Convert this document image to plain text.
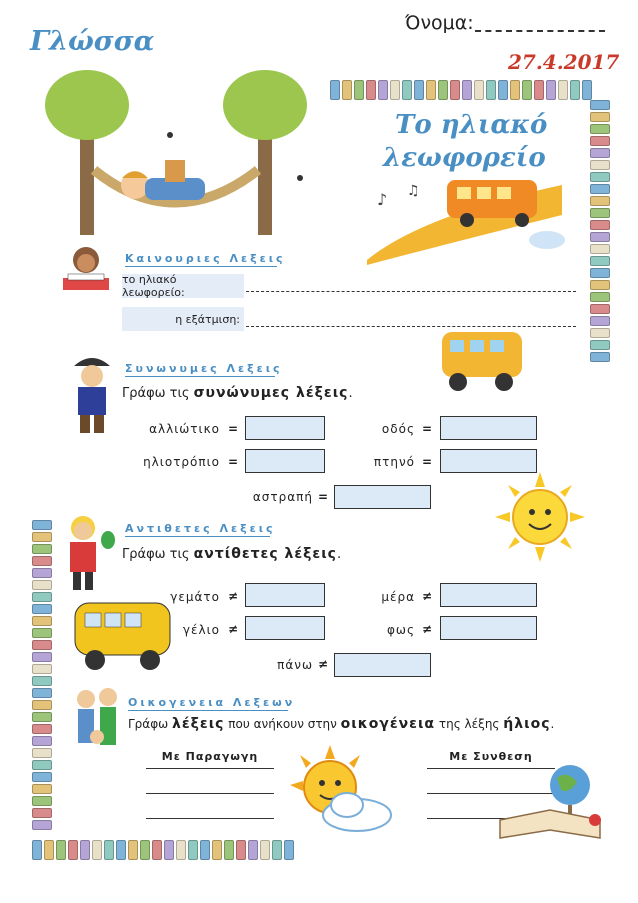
Γλώσσα
Όνομα:
27.4.2017
Το ηλιακό
λεωφορείο
♪ ♫
Καινουριες Λεξεις
το ηλιακό λεωφορείο:
η εξάτμιση:
Συνωνυμες Λεξεις
Γράφω τις συνώνυμες λέξεις.
αλλιώτικο =	οδός =
ηλιοτρόπιο =	πτηνό =
αστραπή =
Αντιθετες Λεξεις
Γράφω τις αντίθετες λέξεις.
γεμάτο ≠	μέρα ≠
γέλιο ≠	φως ≠
πάνω ≠
Οικογενεια Λεξεων
Γράφω λέξεις που ανήκουν στην οικογένεια της λέξης ήλιος.
Με Παραγωγη	Με Συνθεση
